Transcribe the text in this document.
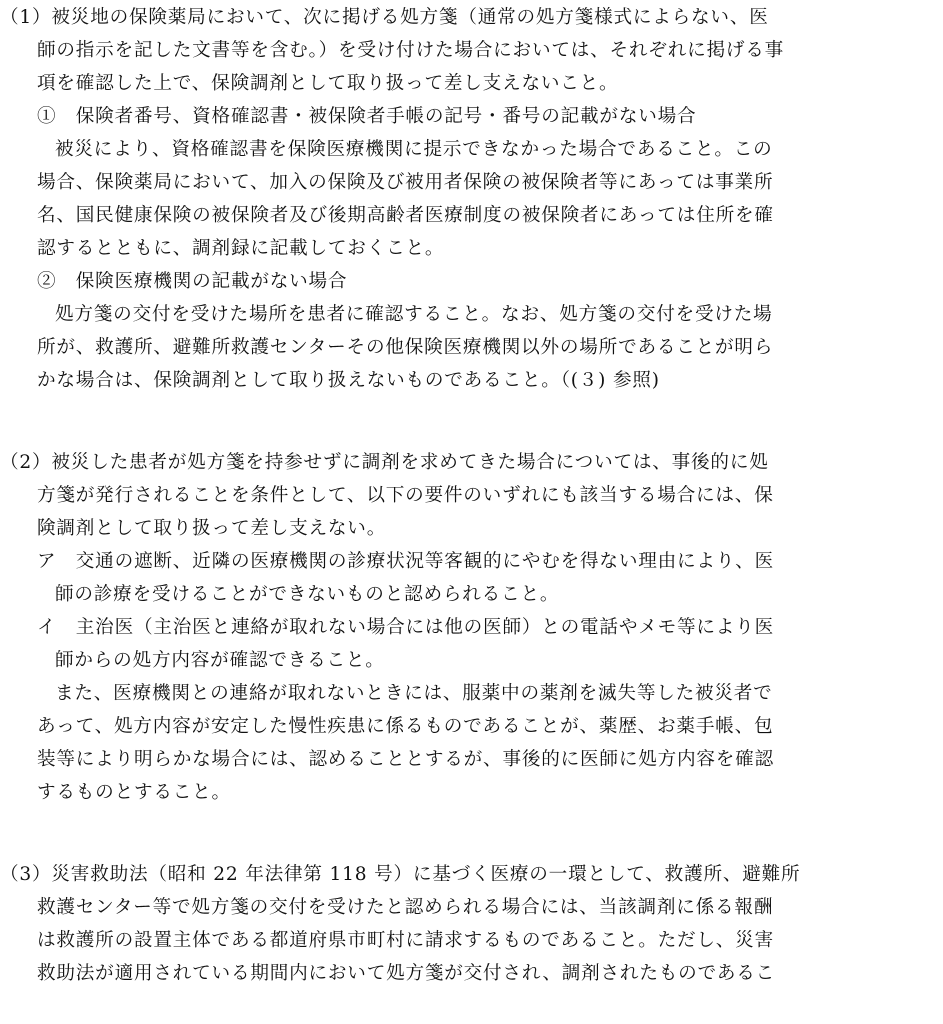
（1）被災地の保険薬局において、次に掲げる処方箋（通常の処方箋様式によらない、医
師の指示を記した文書等を含む。）を受け付けた場合においては、それぞれに掲げる事
項を確認した上で、保険調剤として取り扱って差し支えないこと。
①　保険者番号、資格確認書・被保険者手帳の記号・番号の記載がない場合
被災により、資格確認書を保険医療機関に提示できなかった場合であること。この
場合、保険薬局において、加入の保険及び被用者保険の被保険者等にあっては事業所
名、国民健康保険の被保険者及び後期高齢者医療制度の被保険者にあっては住所を確
認するとともに、調剤録に記載しておくこと。
②　保険医療機関の記載がない場合
処方箋の交付を受けた場所を患者に確認すること。なお、処方箋の交付を受けた場
所が、救護所、避難所救護センターその他保険医療機関以外の場所であることが明ら
かな場合は、保険調剤として取り扱えないものであること。（(３) 参照)
（2）被災した患者が処方箋を持参せずに調剤を求めてきた場合については、事後的に処
方箋が発行されることを条件として、以下の要件のいずれにも該当する場合には、保
険調剤として取り扱って差し支えない。
ア　交通の遮断、近隣の医療機関の診療状況等客観的にやむを得ない理由により、医
師の診療を受けることができないものと認められること。
イ　主治医（主治医と連絡が取れない場合には他の医師）との電話やメモ等により医
師からの処方内容が確認できること。
また、医療機関との連絡が取れないときには、服薬中の薬剤を滅失等した被災者で
あって、処方内容が安定した慢性疾患に係るものであることが、薬歴、お薬手帳、包
装等により明らかな場合には、認めることとするが、事後的に医師に処方内容を確認
するものとすること。
（3）災害救助法（昭和 22 年法律第 118 号）に基づく医療の一環として、救護所、避難所
救護センター等で処方箋の交付を受けたと認められる場合には、当該調剤に係る報酬
は救護所の設置主体である都道府県市町村に請求するものであること。ただし、災害
救助法が適用されている期間内において処方箋が交付され、調剤されたものであるこ
